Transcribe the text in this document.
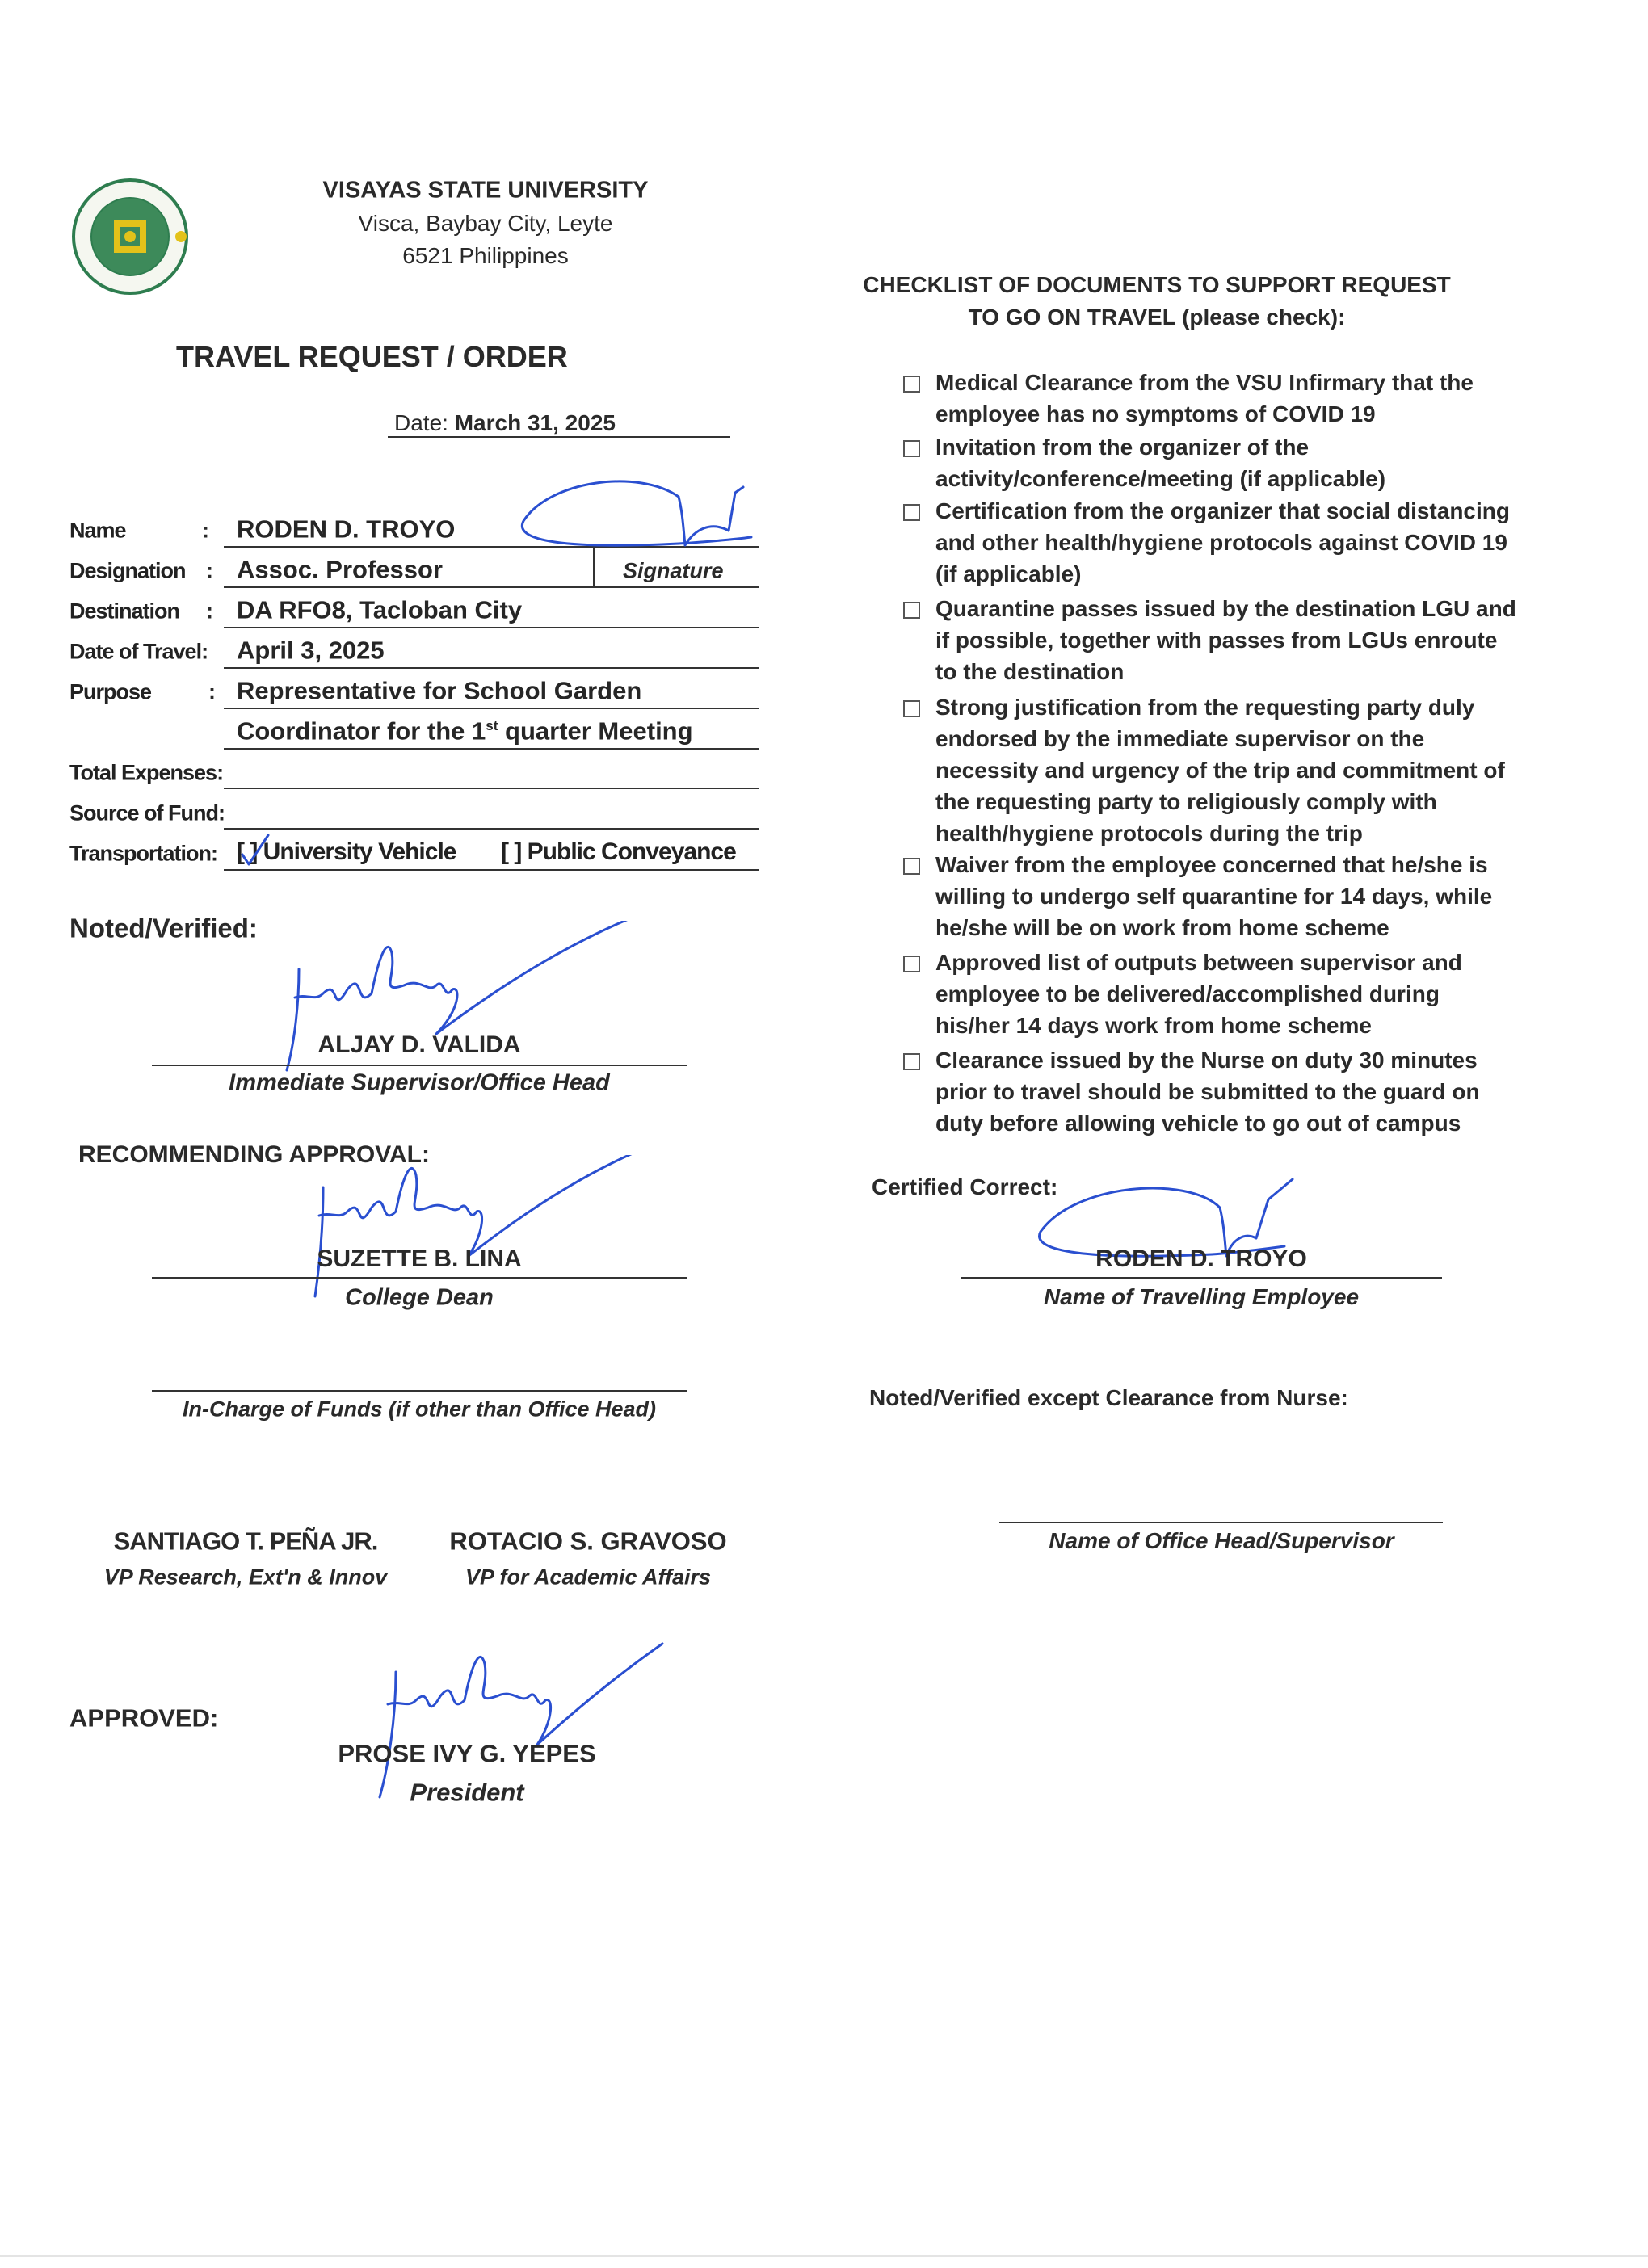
VISAYAS STATE UNIVERSITY
Visca, Baybay City, Leyte
6521 Philippines
TRAVEL REQUEST / ORDER
Date: March 31, 2025
Name	: RODEN D. TROYO
Designation : Assoc. Professor	Signature
Destination : DA RFO8, Tacloban City
Date of Travel: April 3, 2025
Purpose	: Representative for School Garden
Coordinator for the 1st quarter Meeting
Total Expenses:
Source of Fund:
Transportation: [ ] University Vehicle [ ] Public Conveyance
Noted/Verified:
ALJAY D. VALIDA
Immediate Supervisor/Office Head
RECOMMENDING APPROVAL:
SUZETTE B. LINA
College Dean
In-Charge of Funds (if other than Office Head)
SANTIAGO T. PEÑA JR.
VP Research, Ext'n & Innov
ROTACIO S. GRAVOSO
VP for Academic Affairs
APPROVED:
PROSE IVY G. YEPES
President
CHECKLIST OF DOCUMENTS TO SUPPORT REQUEST
TO GO ON TRAVEL (please check):
Medical Clearance from the VSU Infirmary that the employee has no symptoms of COVID 19
Invitation from the organizer of the activity/conference/meeting (if applicable)
Certification from the organizer that social distancing and other health/hygiene protocols against COVID 19 (if applicable)
Quarantine passes issued by the destination LGU and if possible, together with passes from LGUs enroute to the destination
Strong justification from the requesting party duly endorsed by the immediate supervisor on the necessity and urgency of the trip and commitment of the requesting party to religiously comply with health/hygiene protocols during the trip
Waiver from the employee concerned that he/she is willing to undergo self quarantine for 14 days, while he/she will be on work from home scheme
Approved list of outputs between supervisor and employee to be delivered/accomplished during his/her 14 days work from home scheme
Clearance issued by the Nurse on duty 30 minutes prior to travel should be submitted to the guard on duty before allowing vehicle to go out of campus
Certified Correct:
RODEN D. TROYO
Name of Travelling Employee
Noted/Verified except Clearance from Nurse:
Name of Office Head/Supervisor
